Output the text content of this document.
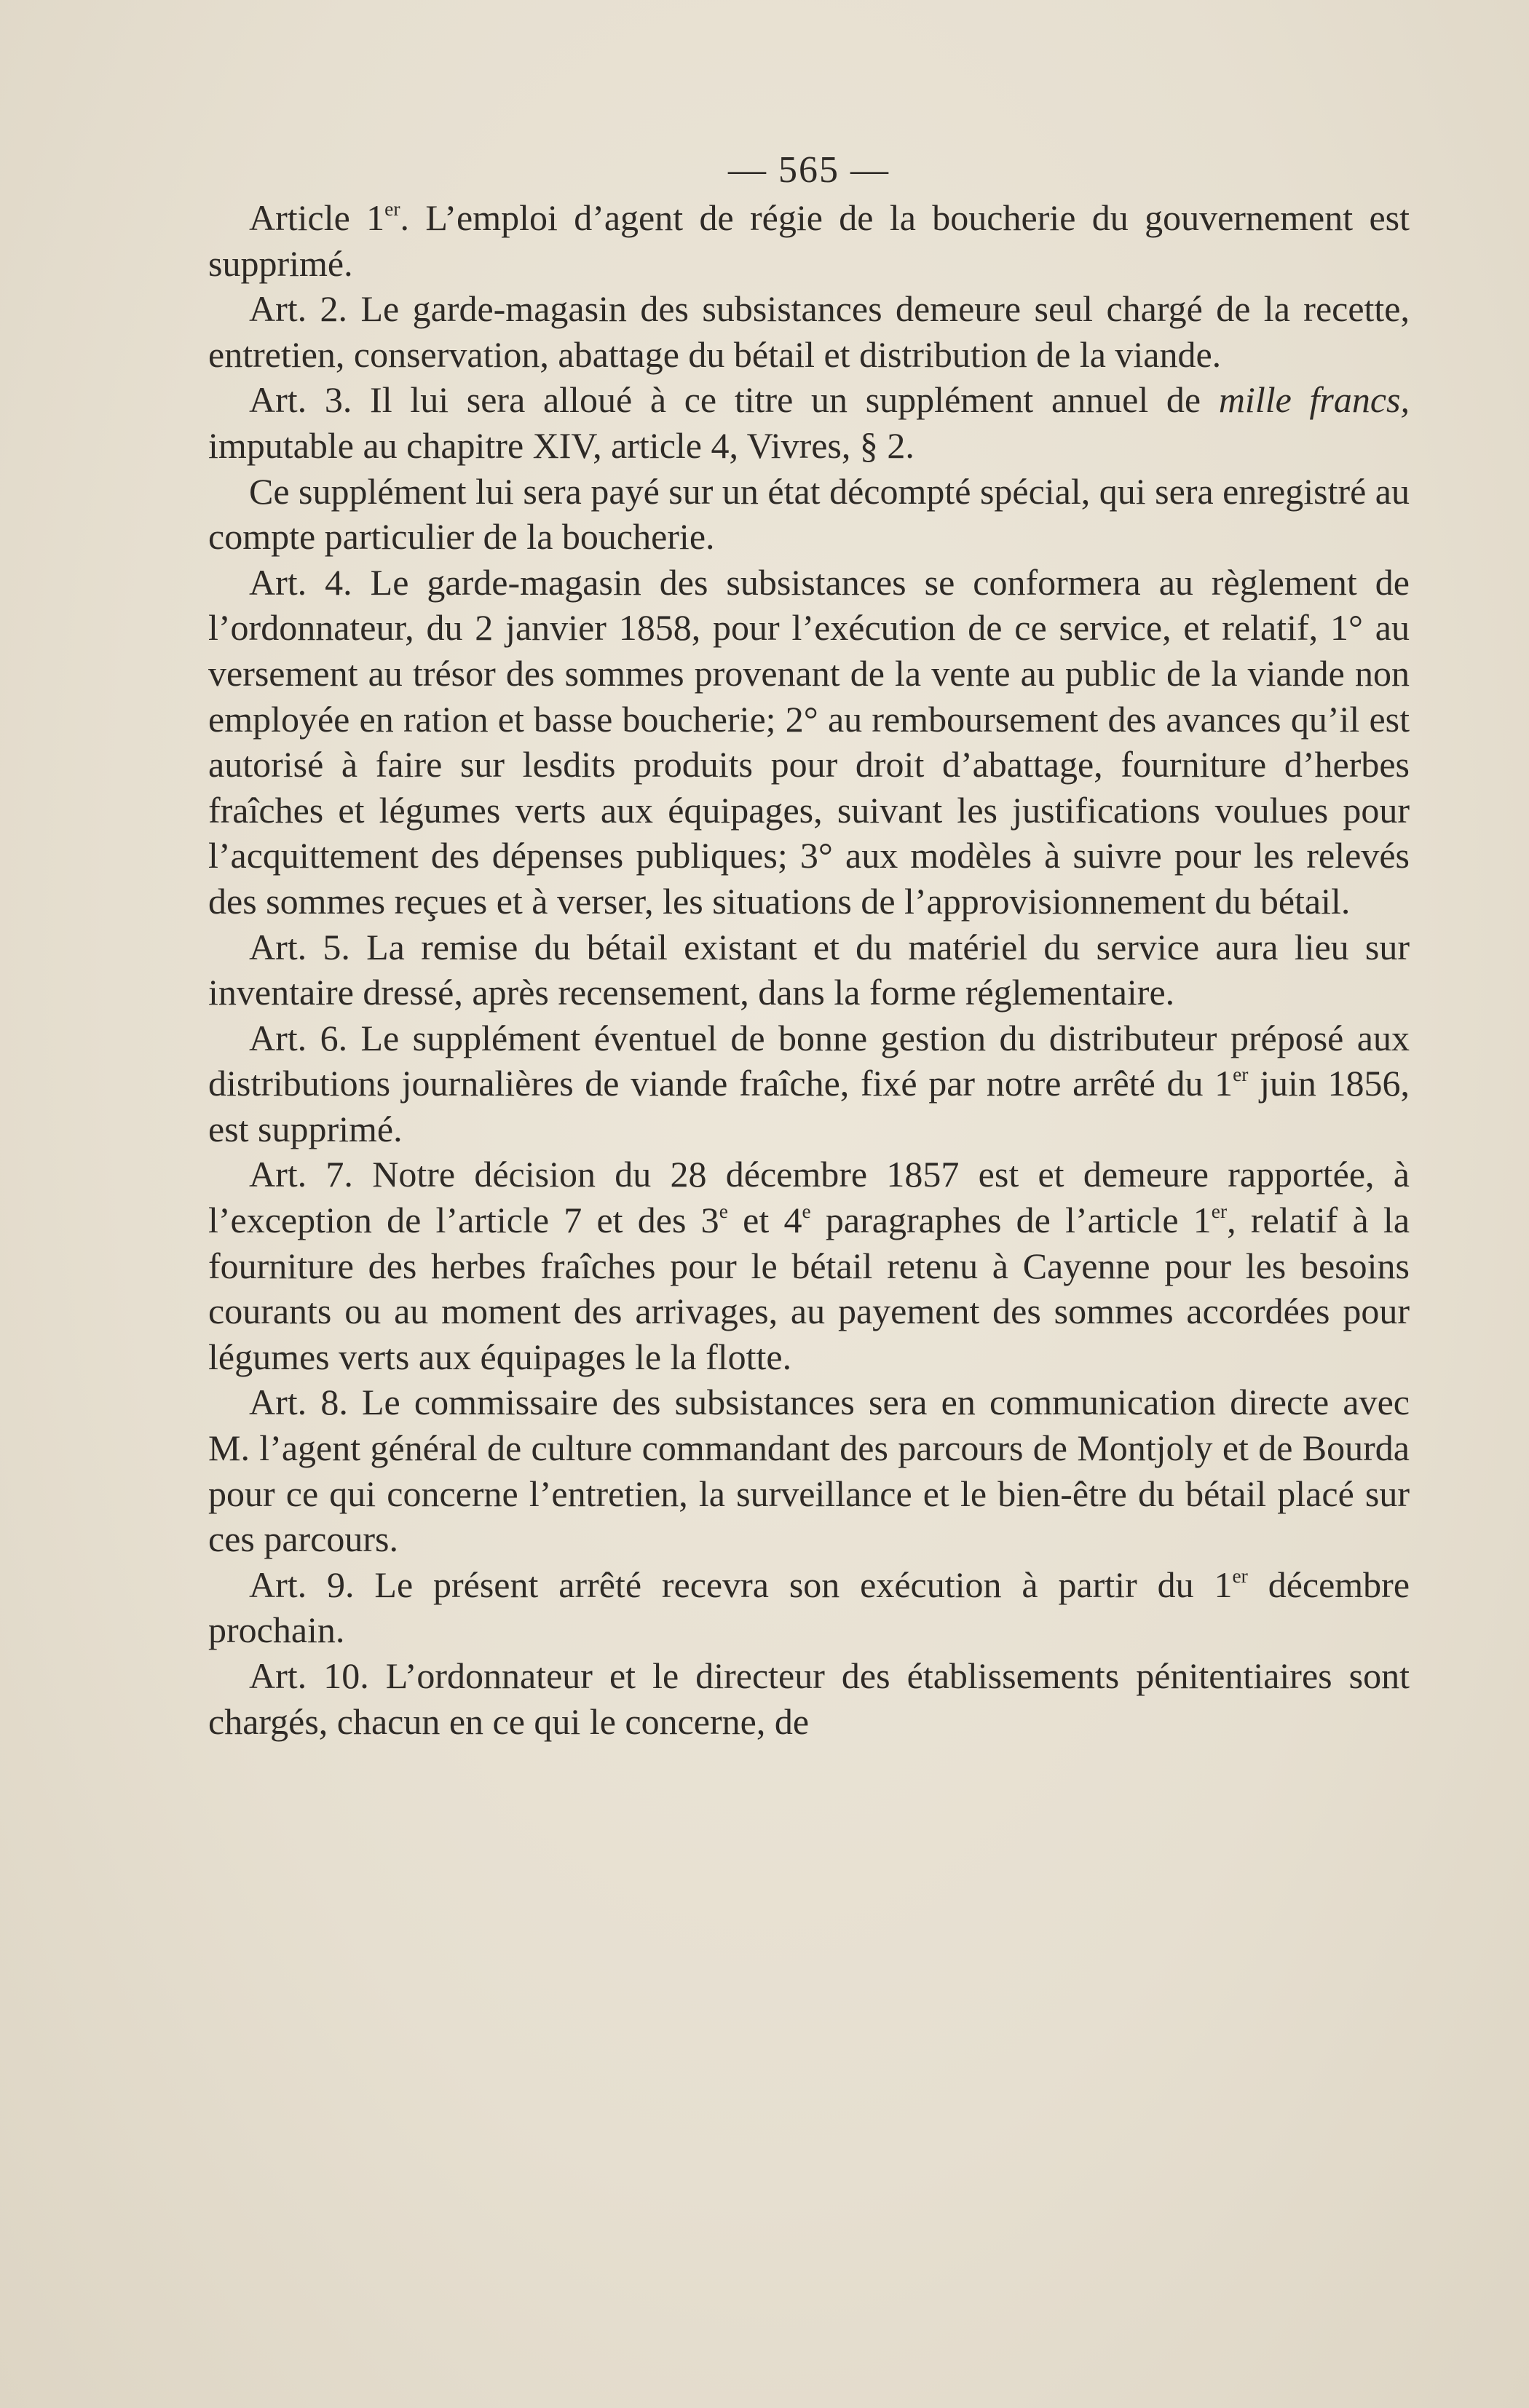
— 565 —

Article 1er. L’emploi d’agent de régie de la boucherie du gouvernement est supprimé.

Art. 2. Le garde-magasin des subsistances demeure seul chargé de la recette, entretien, conservation, abattage du bétail et distribution de la viande.

Art. 3. Il lui sera alloué à ce titre un supplément annuel de mille francs, imputable au chapitre XIV, article 4, Vivres, § 2.

Ce supplément lui sera payé sur un état décompté spécial, qui sera enregistré au compte particulier de la boucherie.

Art. 4. Le garde-magasin des subsistances se conformera au règlement de l’ordonnateur, du 2 janvier 1858, pour l’exécution de ce service, et relatif, 1° au versement au trésor des sommes provenant de la vente au public de la viande non employée en ration et basse boucherie; 2° au remboursement des avances qu’il est autorisé à faire sur lesdits produits pour droit d’abattage, fourniture d’herbes fraîches et légumes verts aux équipages, suivant les justifications voulues pour l’acquittement des dépenses publiques; 3° aux modèles à suivre pour les relevés des sommes reçues et à verser, les situations de l’approvisionnement du bétail.

Art. 5. La remise du bétail existant et du matériel du service aura lieu sur inventaire dressé, après recensement, dans la forme réglementaire.

Art. 6. Le supplément éventuel de bonne gestion du distributeur préposé aux distributions journalières de viande fraîche, fixé par notre arrêté du 1er juin 1856, est supprimé.

Art. 7. Notre décision du 28 décembre 1857 est et demeure rapportée, à l’exception de l’article 7 et des 3e et 4e paragraphes de l’article 1er, relatif à la fourniture des herbes fraîches pour le bétail retenu à Cayenne pour les besoins courants ou au moment des arrivages, au payement des sommes accordées pour légumes verts aux équipages le la flotte.

Art. 8. Le commissaire des subsistances sera en communication directe avec M. l’agent général de culture commandant des parcours de Montjoly et de Bourda pour ce qui concerne l’entretien, la surveillance et le bien-être du bétail placé sur ces parcours.

Art. 9. Le présent arrêté recevra son exécution à partir du 1er décembre prochain.

Art. 10. L’ordonnateur et le directeur des établissements pénitentiaires sont chargés, chacun en ce qui le concerne, de
